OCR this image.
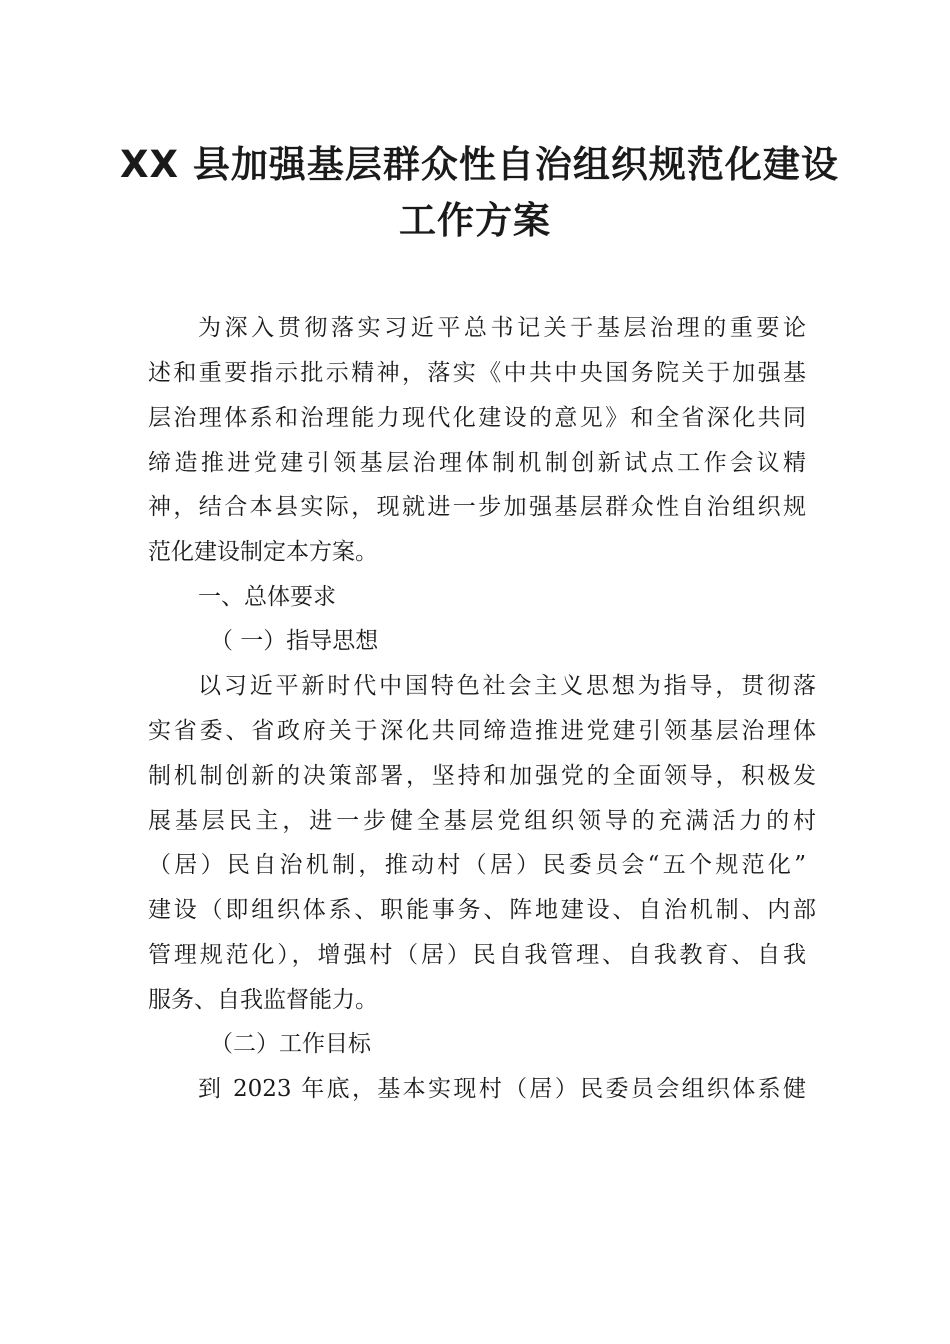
XX 县加强基层群众性自治组织规范化建设
工作方案
为深入贯彻落实习近平总书记关于基层治理的重要论
述和重要指示批示精神，落实《中共中央国务院关于加强基
层治理体系和治理能力现代化建设的意见》和全省深化共同
缔造推进党建引领基层治理体制机制创新试点工作会议精
神，结合本县实际，现就进一步加强基层群众性自治组织规
范化建设制定本方案。
一、总体要求
（ 一）指导思想
以习近平新时代中国特色社会主义思想为指导，贯彻落
实省委、省政府关于深化共同缔造推进党建引领基层治理体
制机制创新的决策部署，坚持和加强党的全面领导，积极发
展基层民主，进一步健全基层党组织领导的充满活力的村
（居）民自治机制，推动村（居）民委员会“五个规范化”
建设（即组织体系、职能事务、阵地建设、自治机制、内部
管理规范化），增强村（居）民自我管理、自我教育、自我
服务、自我监督能力。
（二）工作目标
到 2023 年底，基本实现村（居）民委员会组织体系健
